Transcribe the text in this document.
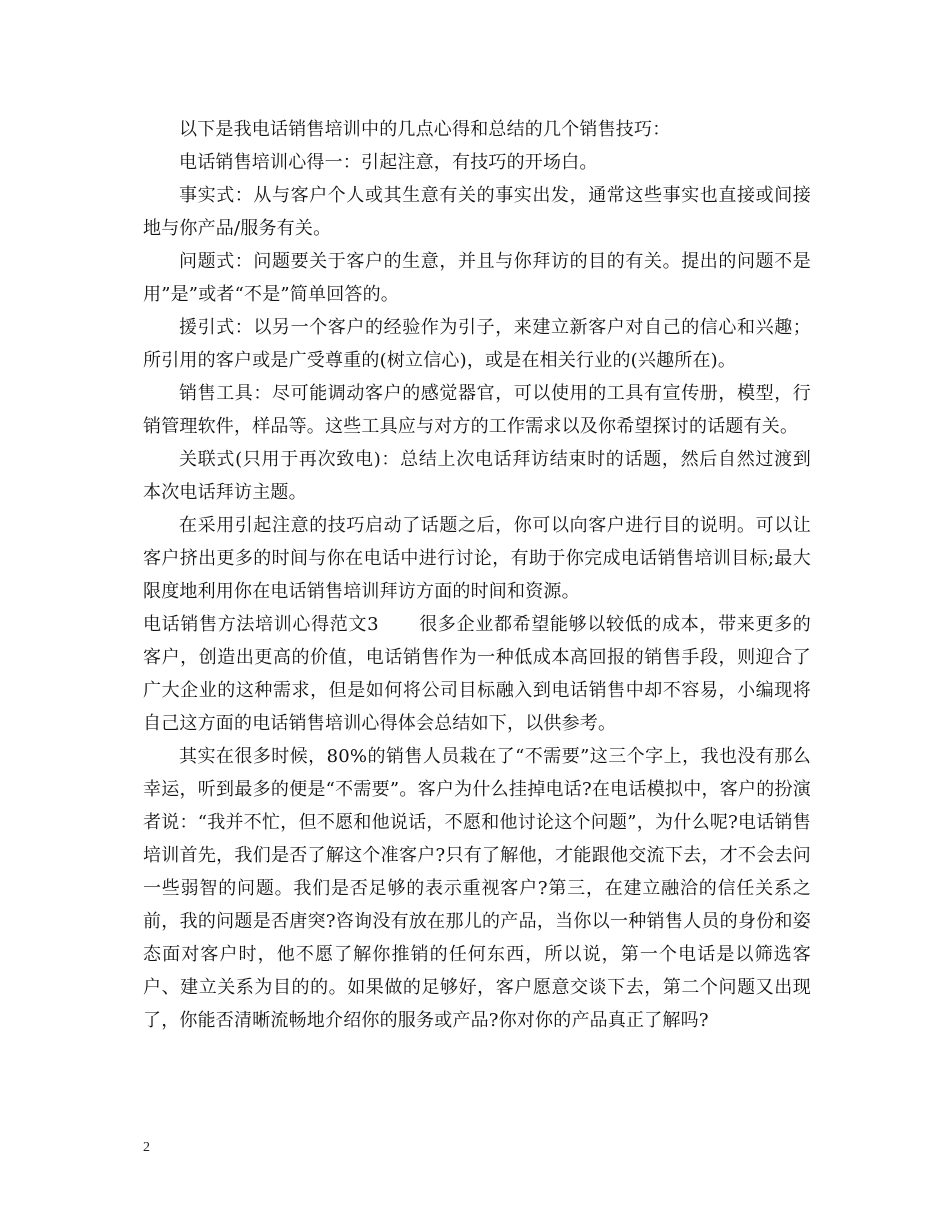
以下是我电话销售培训中的几点心得和总结的几个销售技巧：

电话销售培训心得一：引起注意，有技巧的开场白。

事实式：从与客户个人或其生意有关的事实出发，通常这些事实也直接或间接地与你产品/服务有关。

问题式：问题要关于客户的生意，并且与你拜访的目的有关。提出的问题不是用”是”或者“不是”简单回答的。

援引式：以另一个客户的经验作为引子，来建立新客户对自己的信心和兴趣；所引用的客户或是广受尊重的(树立信心)，或是在相关行业的(兴趣所在)。

销售工具：尽可能调动客户的感觉器官，可以使用的工具有宣传册，模型，行销管理软件，样品等。这些工具应与对方的工作需求以及你希望探讨的话题有关。

关联式(只用于再次致电)：总结上次电话拜访结束时的话题，然后自然过渡到本次电话拜访主题。

在采用引起注意的技巧启动了话题之后，你可以向客户进行目的说明。可以让客户挤出更多的时间与你在电话中进行讨论，有助于你完成电话销售培训目标;最大限度地利用你在电话销售培训拜访方面的时间和资源。

电话销售方法培训心得范文3 很多企业都希望能够以较低的成本，带来更多的客户，创造出更高的价值，电话销售作为一种低成本高回报的销售手段，则迎合了广大企业的这种需求，但是如何将公司目标融入到电话销售中却不容易，小编现将自己这方面的电话销售培训心得体会总结如下，以供参考。

其实在很多时候，80%的销售人员栽在了“不需要”这三个字上，我也没有那么幸运，听到最多的便是“不需要”。客户为什么挂掉电话?在电话模拟中，客户的扮演者说：“我并不忙，但不愿和他说话，不愿和他讨论这个问题”，为什么呢?电话销售培训首先，我们是否了解这个准客户?只有了解他，才能跟他交流下去，才不会去问一些弱智的问题。我们是否足够的表示重视客户?第三，在建立融洽的信任关系之前，我的问题是否唐突?咨询没有放在那儿的产品，当你以一种销售人员的身份和姿态面对客户时，他不愿了解你推销的任何东西，所以说，第一个电话是以筛选客户、建立关系为目的的。如果做的足够好，客户愿意交谈下去，第二个问题又出现了，你能否清晰流畅地介绍你的服务或产品?你对你的产品真正了解吗?

2
